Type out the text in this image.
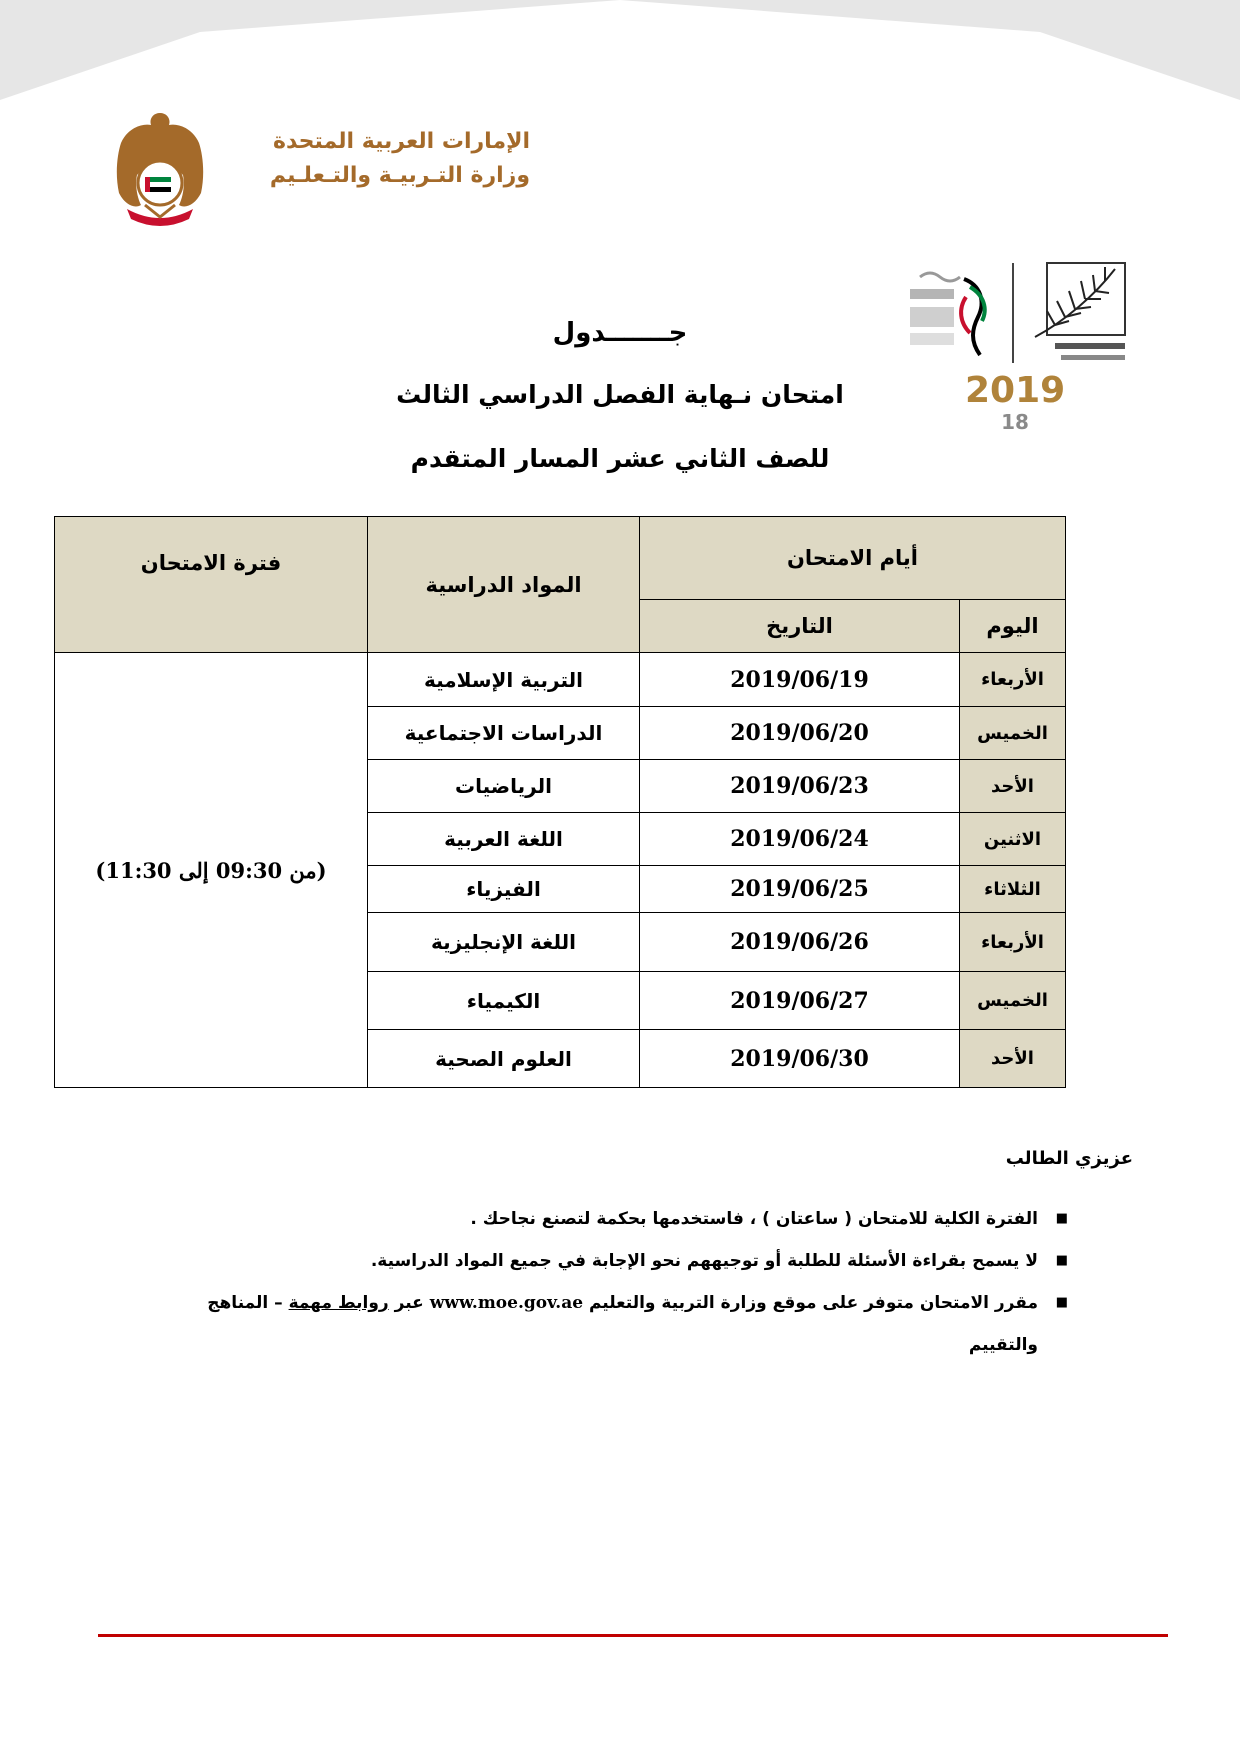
الإمارات العربية المتحدة
وزارة التـربيـة والتـعلـيم
2019
18
جـــــــدول
امتحان نـهاية الفصل الدراسي الثالث
للصف الثاني عشر المسار المتقدم
أيام الامتحان		المواد الدراسية	فترة الامتحان
اليوم	التاريخ		
الأربعاء	2019/06/19	التربية الإسلامية	(من 09:30 إلى 11:30)
الخميس	2019/06/20	الدراسات الاجتماعية	
الأحد	2019/06/23	الرياضيات	
الاثنين	2019/06/24	اللغة العربية	
الثلاثاء	2019/06/25	الفيزياء	
الأربعاء	2019/06/26	اللغة الإنجليزية	
الخميس	2019/06/27	الكيمياء	
الأحد	2019/06/30	العلوم الصحية	
عزيزي الطالب
■
الفترة الكلية للامتحان ( ساعتان ) ، فاستخدمها بحكمة لتصنع نجاحك .
■
لا يسمح بقراءة الأسئلة للطلبة أو توجيههم نحو الإجابة في جميع المواد الدراسية.
■
مقرر الامتحان متوفر على موقع وزارة التربية والتعليم www.moe.gov.ae عبر روابط مهمة – المناهج والتقييم
